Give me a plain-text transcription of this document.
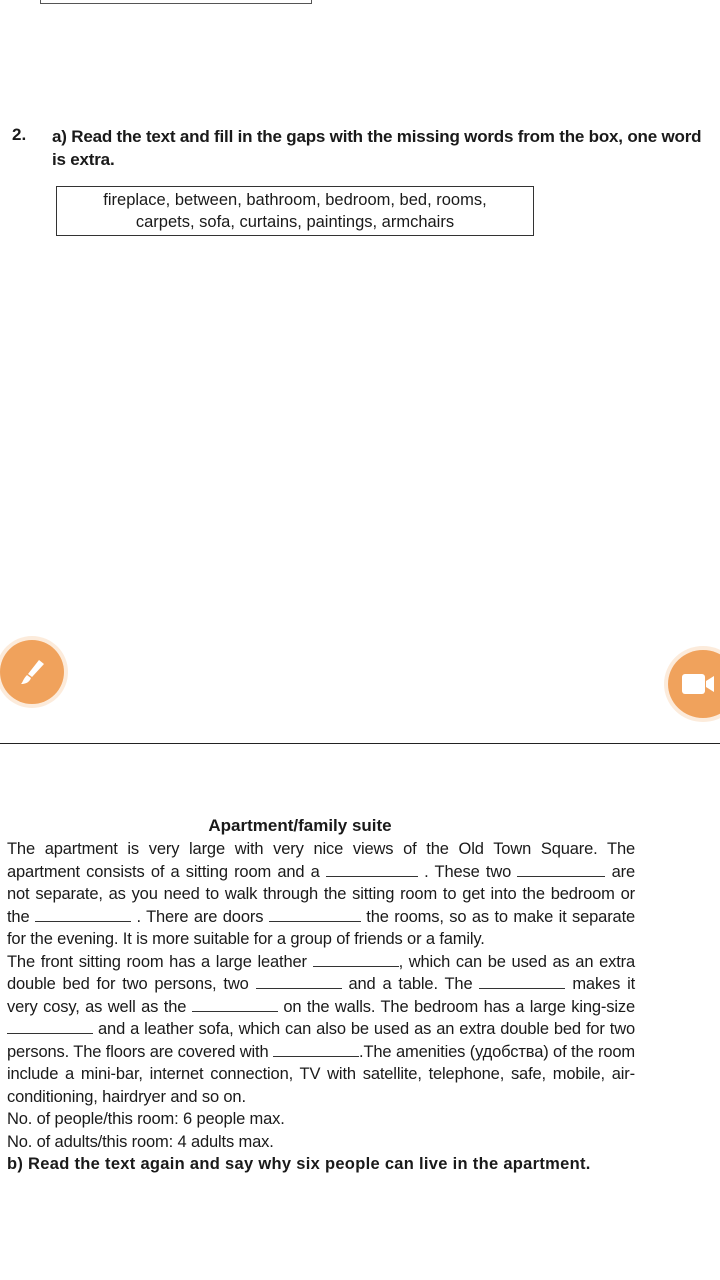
2. a) Read the text and fill in the gaps with the missing words from the box, one word is extra.
fireplace, between, bathroom, bedroom, bed, rooms,
carpets, sofa, curtains, paintings, armchairs
Apartment/family suite

The apartment is very large with very nice views of the Old Town Square. The apartment consists of a sitting room and a	. These two	are not separate, as you need to walk through the sitting room to get into the bedroom or the	. There are doors	the rooms, so as to make it separate for the evening. It is more suitable for a group of friends or a family.

The front sitting room has a large leather	, which can be used as an extra double bed for two persons, two	and a table. The	makes it very cosy, as well as the	on the walls. The bedroom has a large king-size  and a leather sofa, which can also be used as an extra double bed for two persons. The floors are covered with	.The amenities (удобства) of the room include a mini-bar, internet connection, TV with satellite, telephone, safe, mobile, air-conditioning, hairdryer and so on.

No. of people/this room: 6 people max.

No. of adults/this room: 4 adults max.

b) Read the text again and say why six people can live in the apartment.
